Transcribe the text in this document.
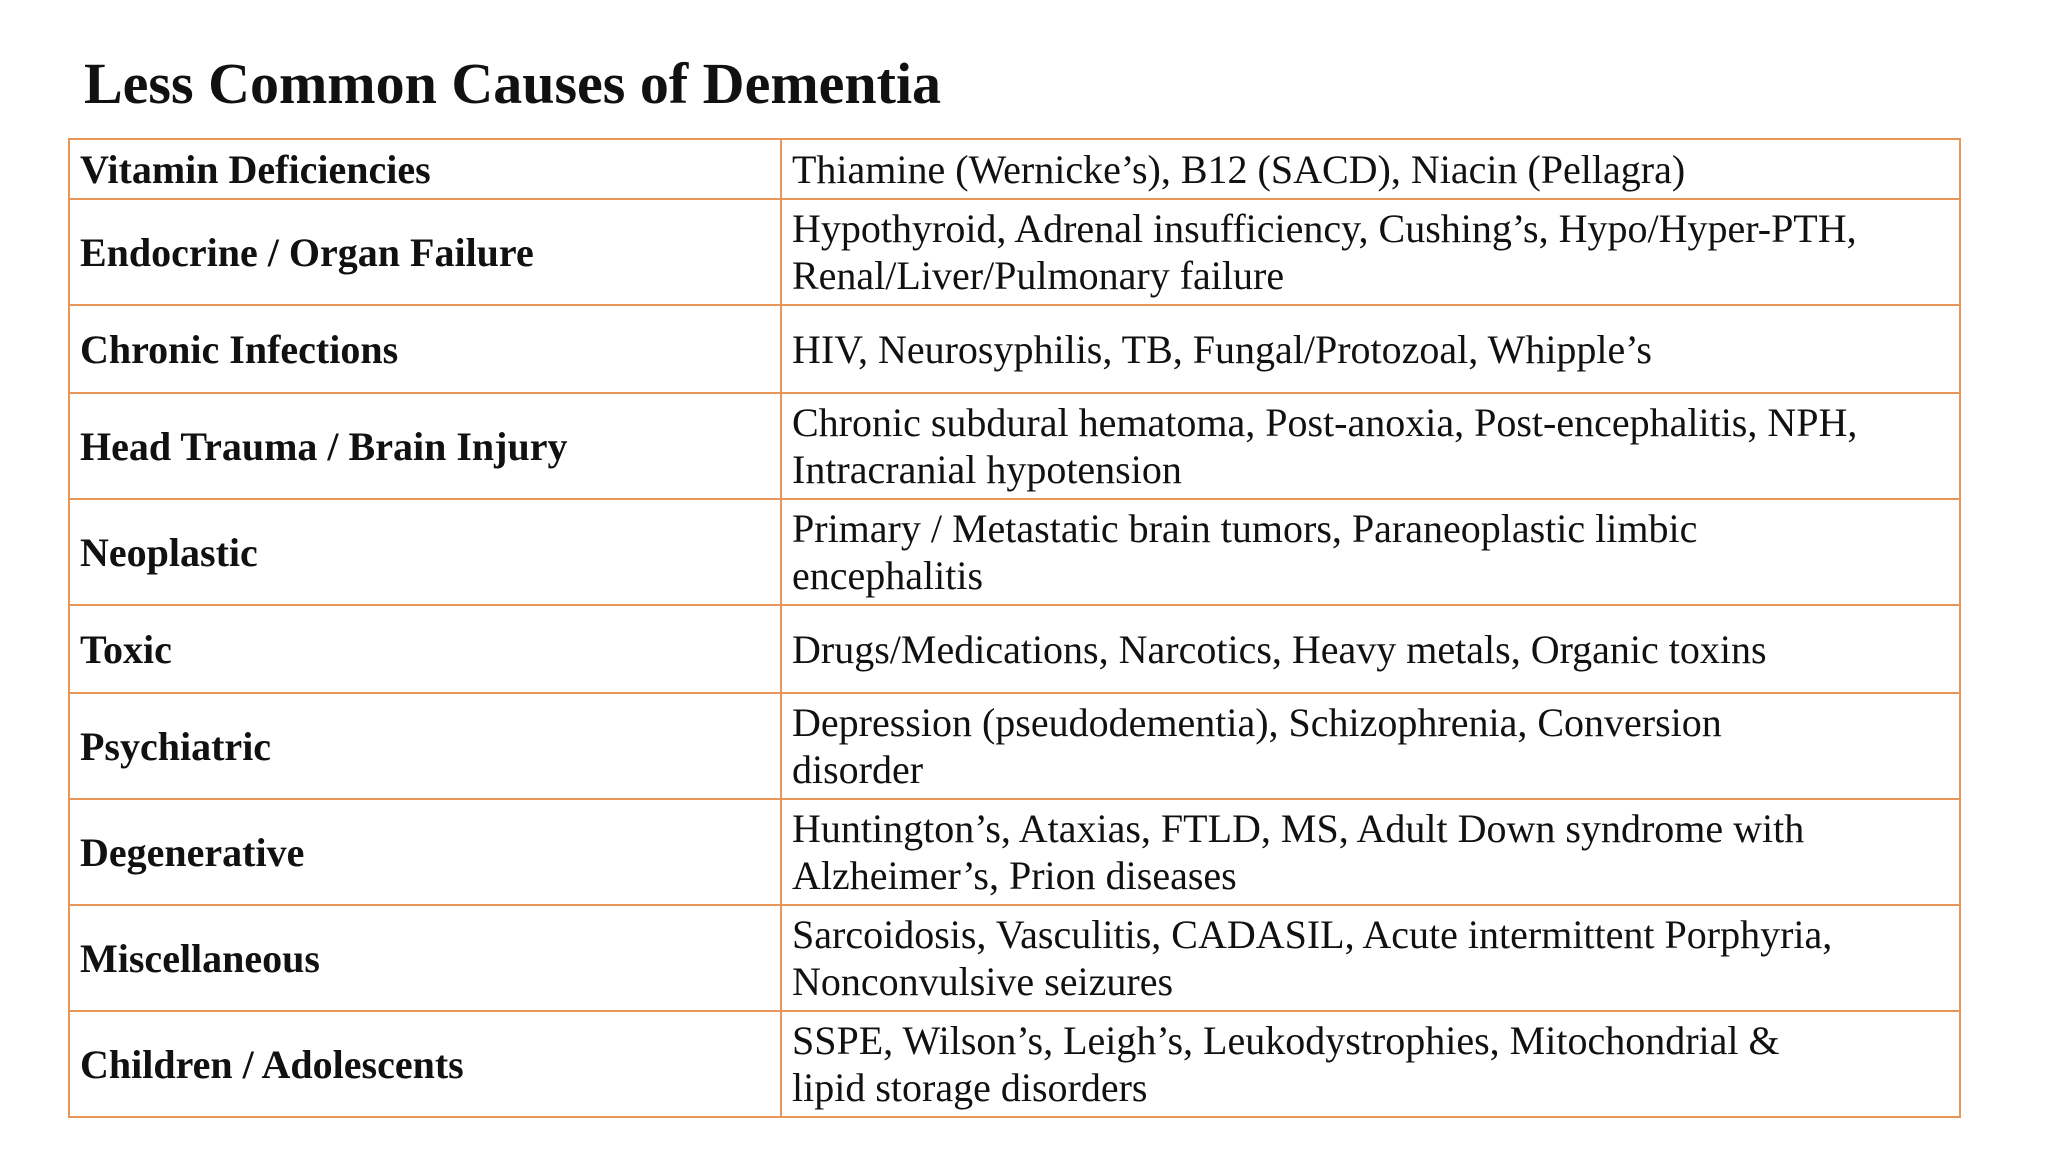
Less Common Causes of Dementia
Vitamin Deficiencies	Thiamine (Wernicke’s), B12 (SACD), Niacin (Pellagra)
Endocrine / Organ Failure	Hypothyroid, Adrenal insufficiency, Cushing’s, Hypo/Hyper-PTH,
Renal/Liver/Pulmonary failure
Chronic Infections	HIV, Neurosyphilis, TB, Fungal/Protozoal, Whipple’s
Head Trauma / Brain Injury	Chronic subdural hematoma, Post-anoxia, Post-encephalitis, NPH,
Intracranial hypotension
Neoplastic	Primary / Metastatic brain tumors, Paraneoplastic limbic
encephalitis
Toxic	Drugs/Medications, Narcotics, Heavy metals, Organic toxins
Psychiatric	Depression (pseudodementia), Schizophrenia, Conversion
disorder
Degenerative	Huntington’s, Ataxias, FTLD, MS, Adult Down syndrome with
Alzheimer’s, Prion diseases
Miscellaneous	Sarcoidosis, Vasculitis, CADASIL, Acute intermittent Porphyria,
Nonconvulsive seizures
Children / Adolescents	SSPE, Wilson’s, Leigh’s, Leukodystrophies, Mitochondrial &
lipid storage disorders
